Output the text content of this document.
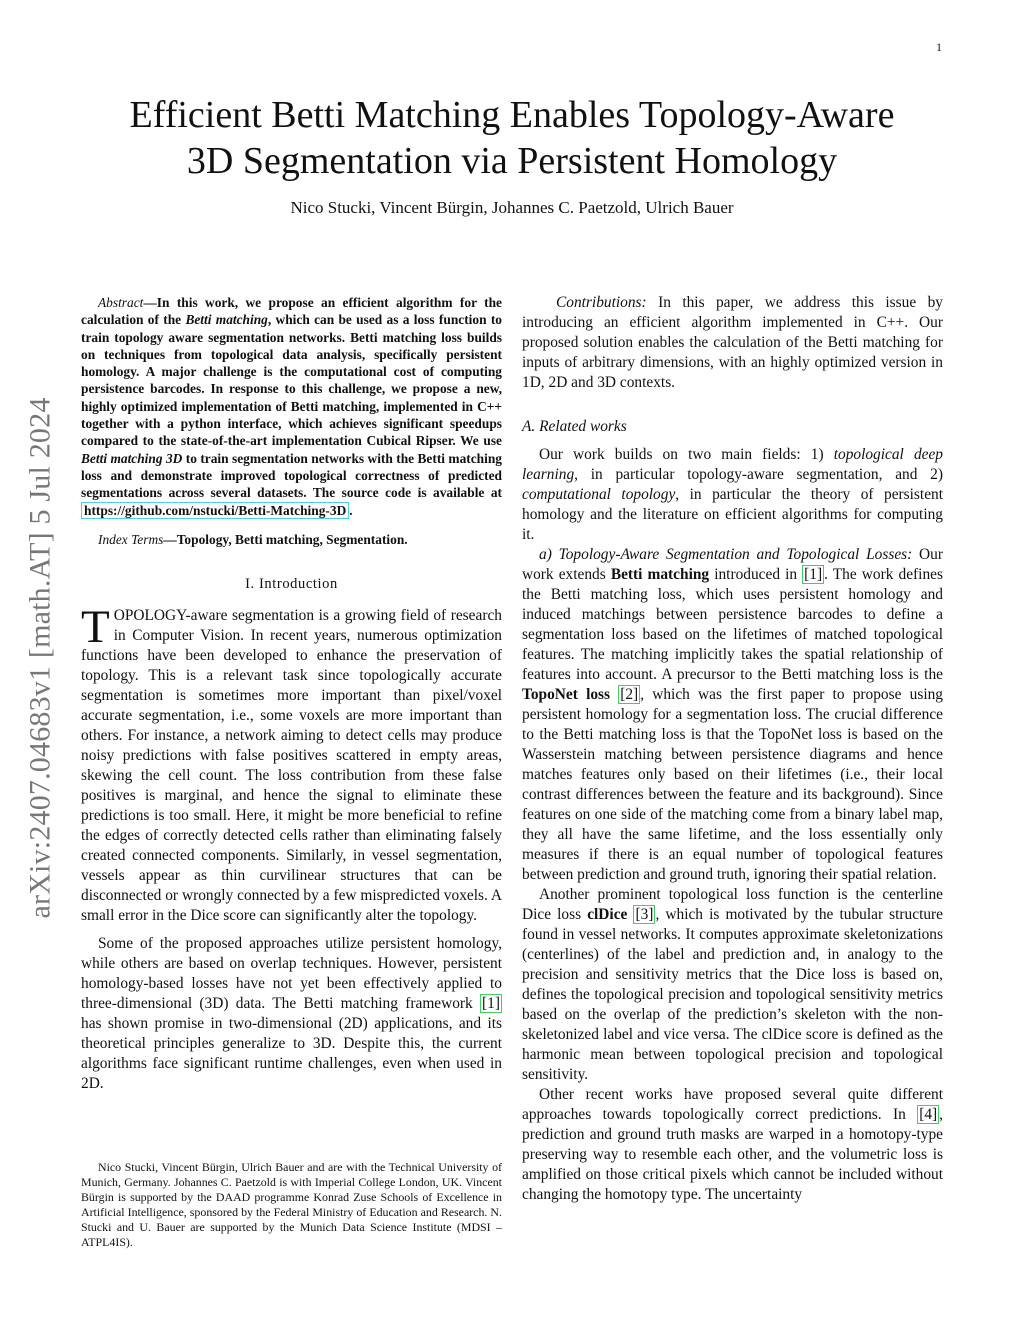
1
arXiv:2407.04683v1 [math.AT] 5 Jul 2024
Efficient Betti Matching Enables Topology-Aware
3D Segmentation via Persistent Homology

Nico Stucki, Vincent Bürgin, Johannes C. Paetzold, Ulrich Bauer

Abstract—In this work, we propose an efficient algorithm for the calculation of the Betti matching, which can be used as a loss function to train topology aware segmentation networks. Betti matching loss builds on techniques from topological data analysis, specifically persistent homology. A major challenge is the computational cost of computing persistence barcodes. In response to this challenge, we propose a new, highly optimized implementation of Betti matching, implemented in C++ together with a python interface, which achieves significant speedups compared to the state-of-the-art implementation Cubical Ripser. We use Betti matching 3D to train segmentation networks with the Betti matching loss and demonstrate improved topological correctness of predicted segmentations across several datasets. The source code is available at https://github.com/nstucki/Betti-Matching-3D .

Index Terms—Topology, Betti matching, Segmentation.

I. Introduction

TOPOLOGY-aware segmentation is a growing field of research in Computer Vision. In recent years, numerous optimization functions have been developed to enhance the preservation of topology. This is a relevant task since topologically accurate segmentation is sometimes more important than pixel/voxel accurate segmentation, i.e., some voxels are more important than others. For instance, a network aiming to detect cells may produce noisy predictions with false positives scattered in empty areas, skewing the cell count. The loss contribution from these false positives is marginal, and hence the signal to eliminate these predictions is too small. Here, it might be more beneficial to refine the edges of correctly detected cells rather than eliminating falsely created connected components. Similarly, in vessel segmentation, vessels appear as thin curvilinear structures that can be disconnected or wrongly connected by a few mispredicted voxels. A small error in the Dice score can significantly alter the topology.

Some of the proposed approaches utilize persistent homology, while others are based on overlap techniques. However, persistent homology-based losses have not yet been effectively applied to three-dimensional (3D) data. The Betti matching framework [1] has shown promise in two-dimensional (2D) applications, and its theoretical principles generalize to 3D. Despite this, the current algorithms face significant runtime challenges, even when used in 2D.

Nico Stucki, Vincent Bürgin, Ulrich Bauer and are with the Technical University of Munich, Germany. Johannes C. Paetzold is with Imperial College London, UK. Vincent Bürgin is supported by the DAAD programme Konrad Zuse Schools of Excellence in Artificial Intelligence, sponsored by the Federal Ministry of Education and Research. N. Stucki and U. Bauer are supported by the Munich Data Science Institute (MDSI – ATPL4IS).

Contributions: In this paper, we address this issue by introducing an efficient algorithm implemented in C++. Our proposed solution enables the calculation of the Betti matching for inputs of arbitrary dimensions, with an highly optimized version in 1D, 2D and 3D contexts.

A. Related works

Our work builds on two main fields: 1) topological deep learning, in particular topology-aware segmentation, and 2) computational topology, in particular the theory of persistent homology and the literature on efficient algorithms for computing it.

a) Topology-Aware Segmentation and Topological Losses: Our work extends Betti matching introduced in [1] . The work defines the Betti matching loss, which uses persistent homology and induced matchings between persistence barcodes to define a segmentation loss based on the lifetimes of matched topological features. The matching implicitly takes the spatial relationship of features into account. A precursor to the Betti matching loss is the TopoNet loss [2] , which was the first paper to propose using persistent homology for a segmentation loss. The crucial difference to the Betti matching loss is that the TopoNet loss is based on the Wasserstein matching between persistence diagrams and hence matches features only based on their lifetimes (i.e., their local contrast differences between the feature and its background). Since features on one side of the matching come from a binary label map, they all have the same lifetime, and the loss essentially only measures if there is an equal number of topological features between prediction and ground truth, ignoring their spatial relation.

Another prominent topological loss function is the centerline Dice loss clDice [3] , which is motivated by the tubular structure found in vessel networks. It computes approximate skeletonizations (centerlines) of the label and prediction and, in analogy to the precision and sensitivity metrics that the Dice loss is based on, defines the topological precision and topological sensitivity metrics based on the overlap of the prediction’s skeleton with the non-skeletonized label and vice versa. The clDice score is defined as the harmonic mean between topological precision and topological sensitivity.

Other recent works have proposed several quite different approaches towards topologically correct predictions. In [4] , prediction and ground truth masks are warped in a homotopy-type preserving way to resemble each other, and the volumetric loss is amplified on those critical pixels which cannot be included without changing the homotopy type. The uncertainty
